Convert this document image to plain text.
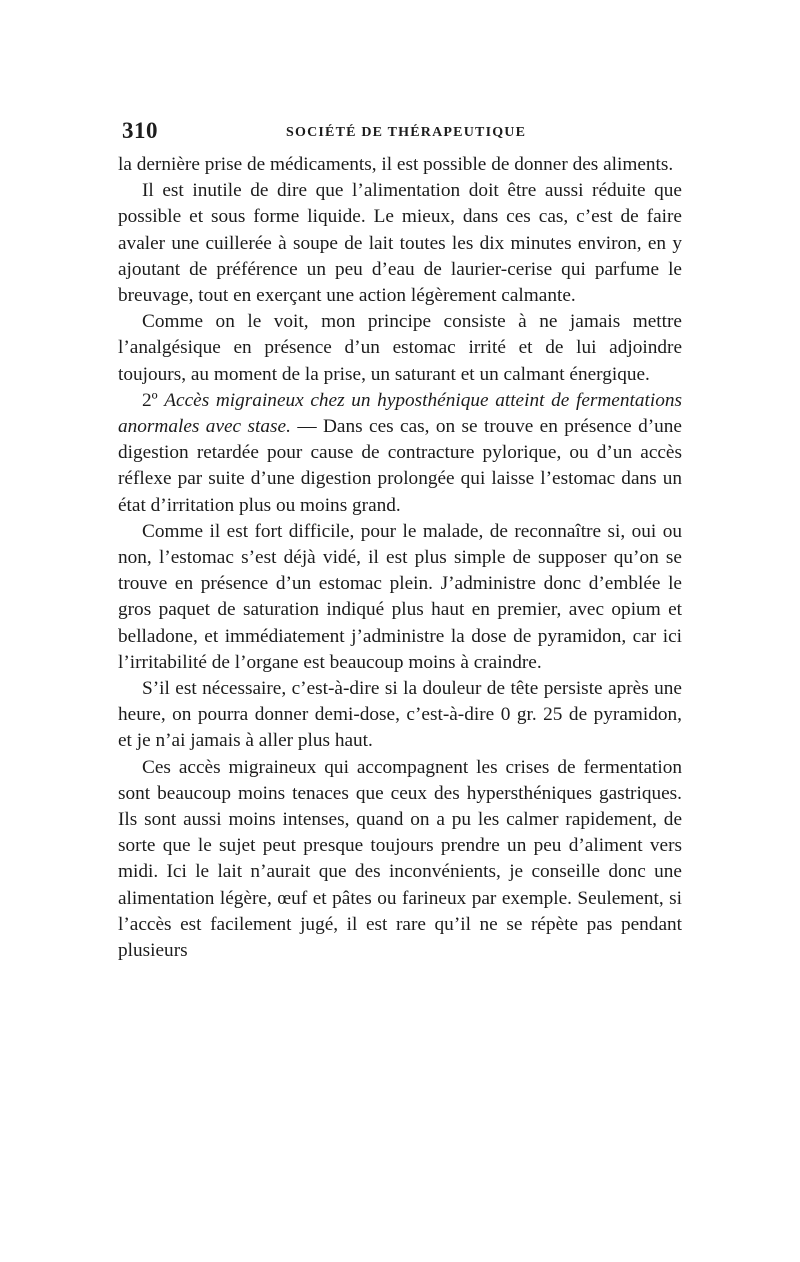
310	SOCIÉTÉ DE THÉRAPEUTIQUE

la dernière prise de médicaments, il est possible de donner des aliments.

Il est inutile de dire que l’alimentation doit être aussi réduite que possible et sous forme liquide. Le mieux, dans ces cas, c’est de faire avaler une cuillerée à soupe de lait toutes les dix minutes environ, en y ajoutant de préférence un peu d’eau de laurier-cerise qui parfume le breuvage, tout en exerçant une action légèrement calmante.

Comme on le voit, mon principe consiste à ne jamais mettre l’analgésique en présence d’un estomac irrité et de lui adjoindre toujours, au moment de la prise, un saturant et un calmant énergique.

2º Accès migraineux chez un hyposthénique atteint de fermentations anormales avec stase. — Dans ces cas, on se trouve en présence d’une digestion retardée pour cause de contracture pylorique, ou d’un accès réflexe par suite d’une digestion prolongée qui laisse l’estomac dans un état d’irritation plus ou moins grand.

Comme il est fort difficile, pour le malade, de reconnaître si, oui ou non, l’estomac s’est déjà vidé, il est plus simple de supposer qu’on se trouve en présence d’un estomac plein. J’administre donc d’emblée le gros paquet de saturation indiqué plus haut en premier, avec opium et belladone, et immédiatement j’administre la dose de pyramidon, car ici l’irritabilité de l’organe est beaucoup moins à craindre.

S’il est nécessaire, c’est-à-dire si la douleur de tête persiste après une heure, on pourra donner demi-dose, c’est-à-dire 0 gr. 25 de pyramidon, et je n’ai jamais à aller plus haut.

Ces accès migraineux qui accompagnent les crises de fermentation sont beaucoup moins tenaces que ceux des hypersthéniques gastriques. Ils sont aussi moins intenses, quand on a pu les calmer rapidement, de sorte que le sujet peut presque toujours prendre un peu d’aliment vers midi. Ici le lait n’aurait que des inconvénients, je conseille donc une alimentation légère, œuf et pâtes ou farineux par exemple. Seulement, si l’accès est facilement jugé, il est rare qu’il ne se répète pas pendant plusieurs
